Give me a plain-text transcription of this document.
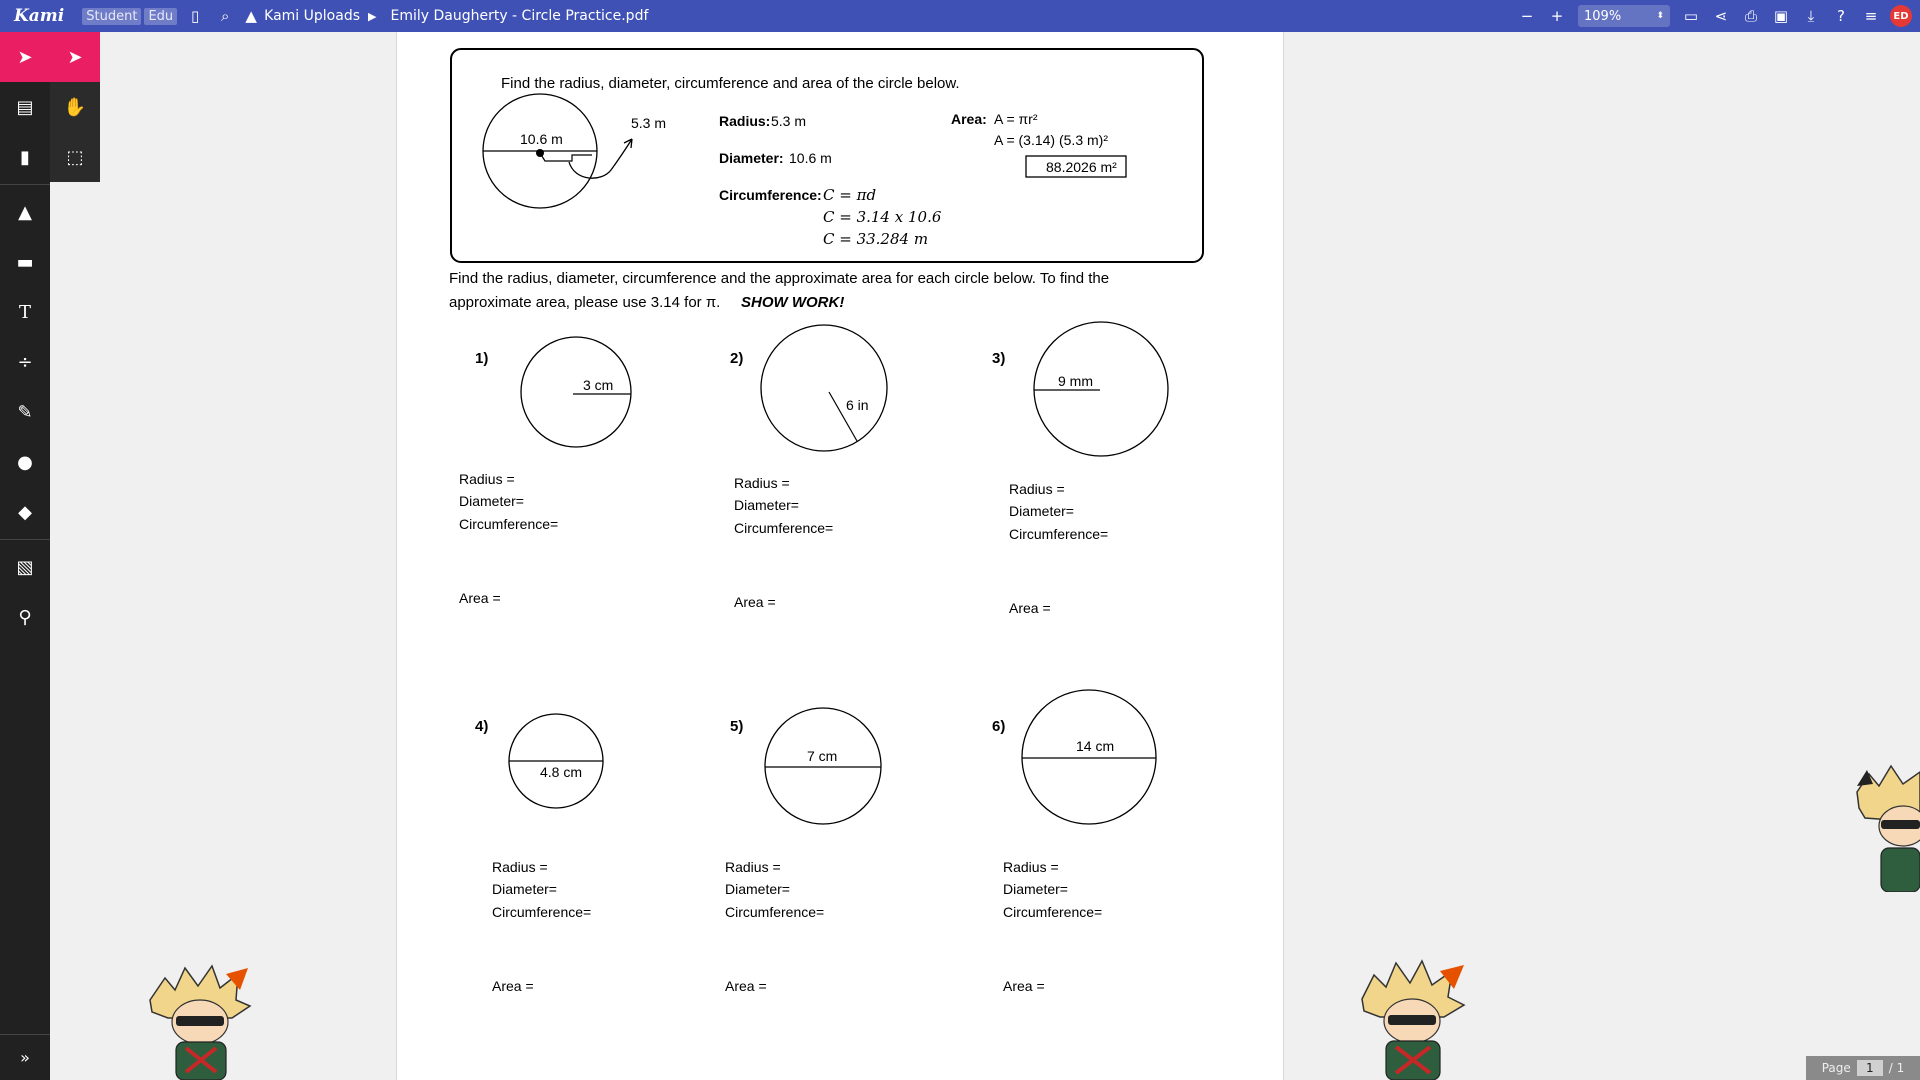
Kami	Student Edu	▯	⌕	▲ Kami Uploads ▶ Emily Daugherty - Circle Practice.pdf	−	+	109%	⬍	▭	⋖	⎙	▣	⤓	?	≡	ED
➤
▤
▮
▲
▬
T
÷
✎
●
◆
▧
⚲
»
➤
✋
⬚
Find the radius, diameter, circumference and area of the circle below.
10.6 m
5.3 m	Radius: 5.3 m
Diameter: 10.6 m
Circumference: C = πd
C = 3.14 x 10.6
C = 33.284 m
Area: A = πr²
A = (3.14) (5.3 m)²
88.2026 m²
Find the radius, diameter, circumference and the approximate area for each circle below. To find the
approximate area, please use 3.14 for π. SHOW WORK!
1)
3 cm
Radius =
Diameter=
Circumference=
Area =
2)
6 in
Radius =
Diameter=
Circumference=
Area =
3)
9 mm
Radius =
Diameter=
Circumference=
Area =
4)
4.8 cm
Radius =
Diameter=
Circumference=
Area =
5)
7 cm
Radius =
Diameter=
Circumference=
Area =
6)
14 cm
Radius =
Diameter=
Circumference=
Area =
Page	1	/ 1
